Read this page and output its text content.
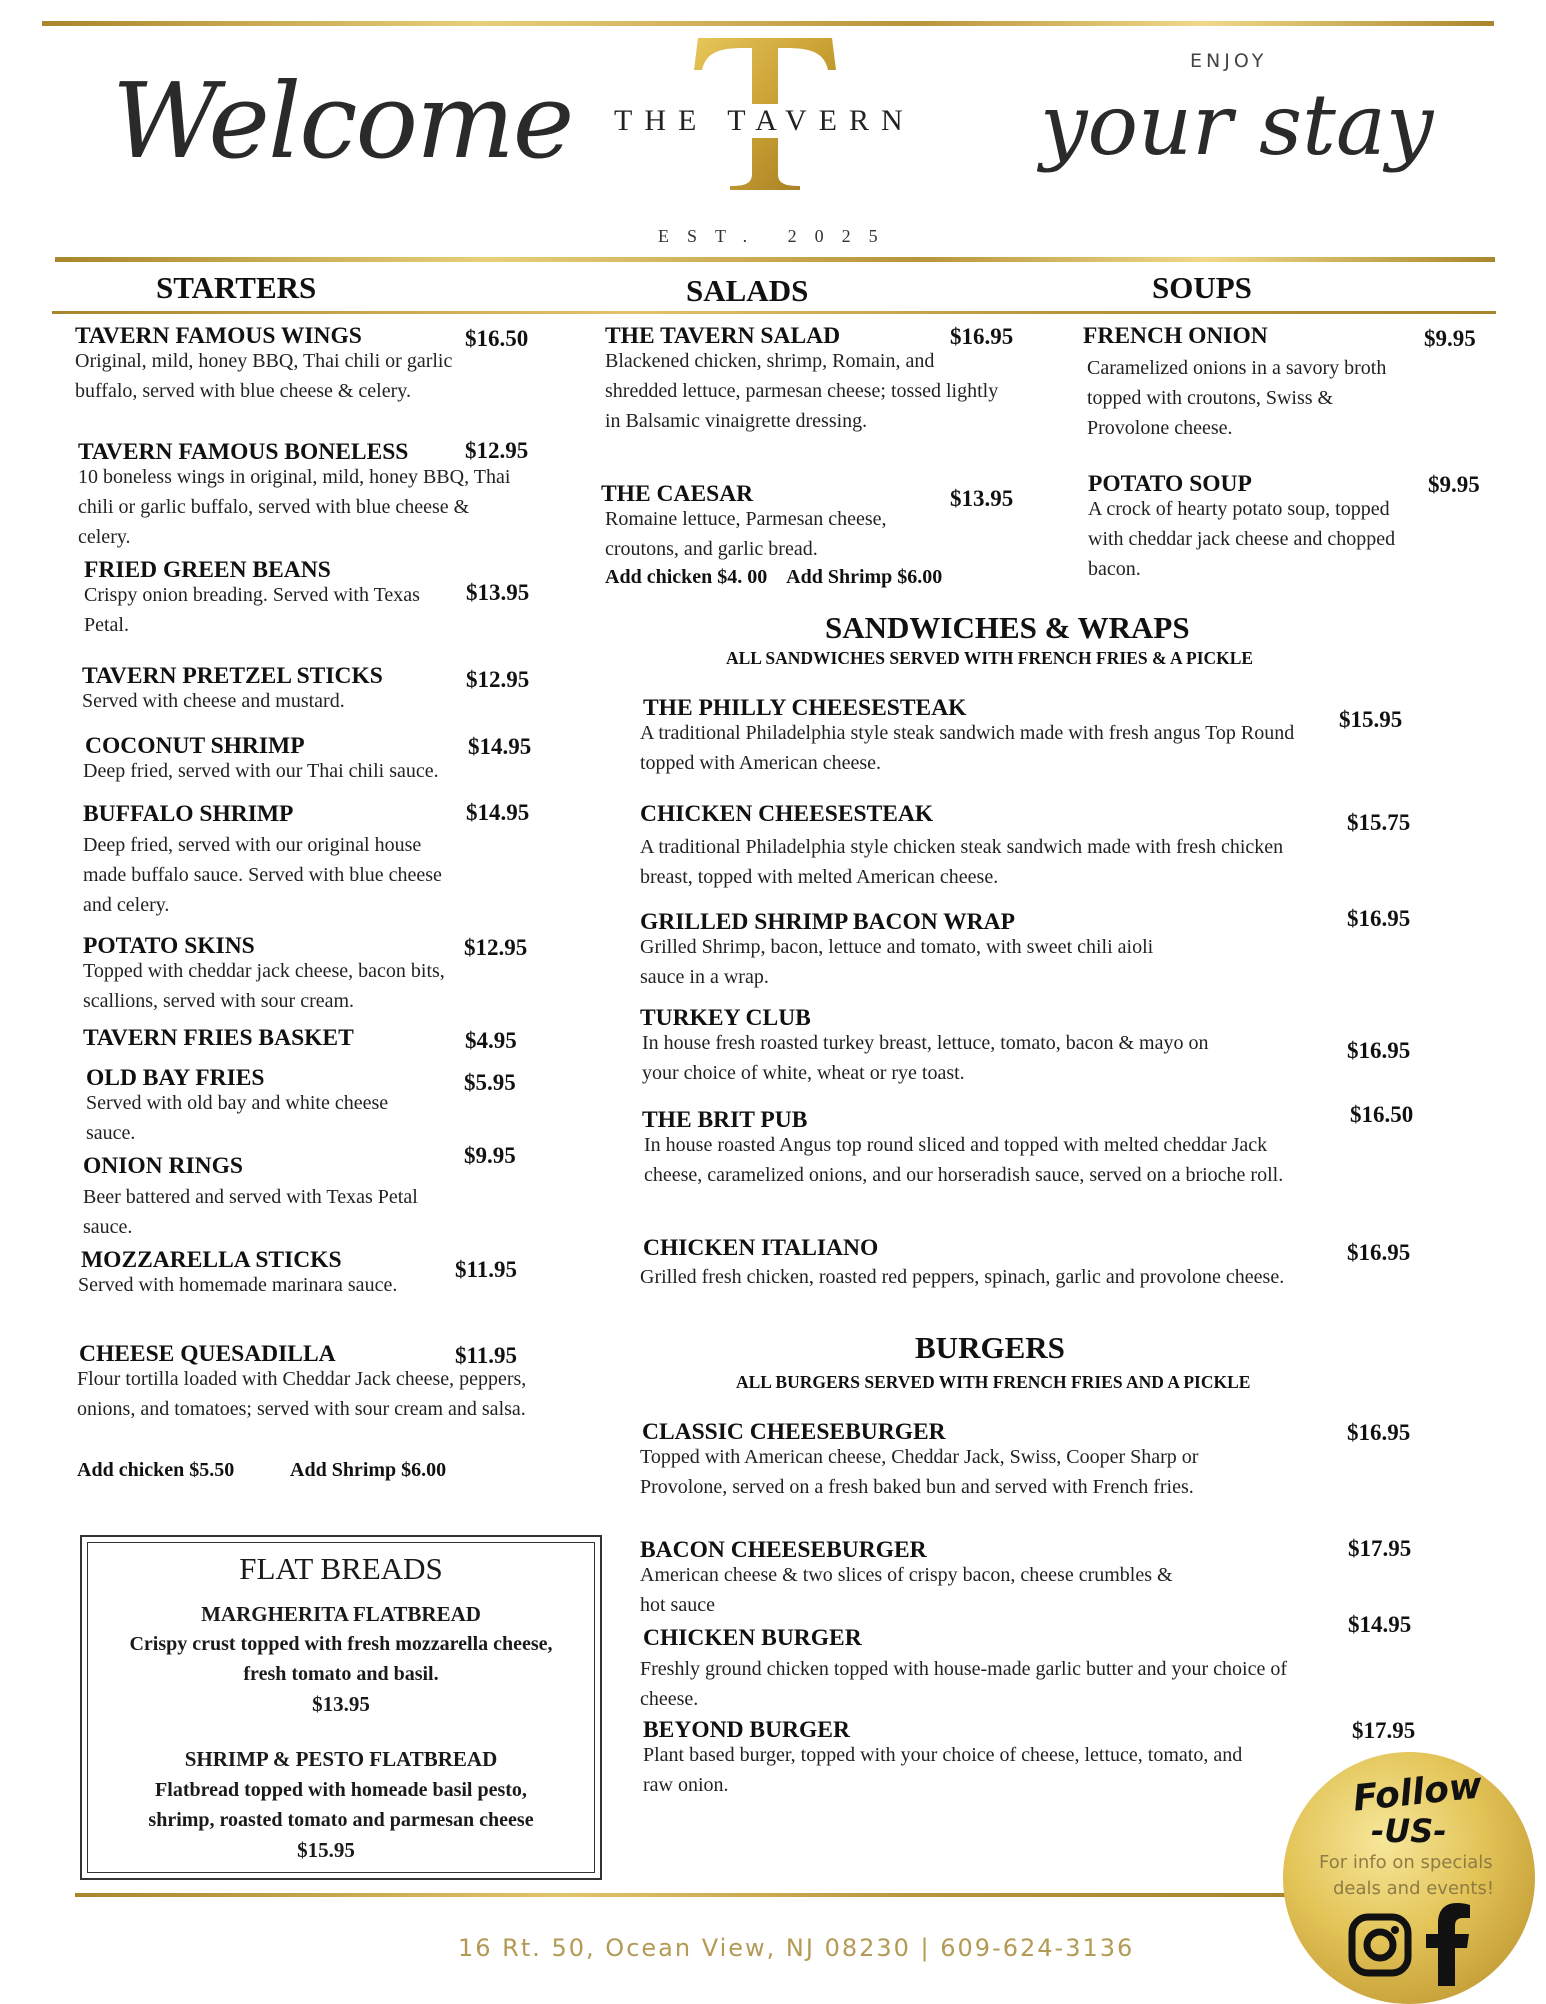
Welcome THE TAVERN
EST. 2025
ENJOY
your stay
STARTERS	SALADS	SOUPS
TAVERN FAMOUS WINGS
Original, mild, honey BBQ, Thai chili or garlic buffalo, served with blue cheese & celery.
$16.50
TAVERN FAMOUS BONELESS
10 boneless wings in original, mild, honey BBQ, Thai chili or garlic buffalo, served with blue cheese & celery.
$12.95
FRIED GREEN BEANS
Crispy onion breading. Served with Texas Petal.
$13.95
TAVERN PRETZEL STICKS
Served with cheese and mustard.
$12.95
COCONUT SHRIMP
Deep fried, served with our Thai chili sauce.
$14.95
BUFFALO SHRIMP
Deep fried, served with our original house made buffalo sauce. Served with blue cheese and celery.
$14.95
POTATO SKINS
Topped with cheddar jack cheese, bacon bits, scallions, served with sour cream.
$12.95
TAVERN FRIES BASKET	$4.95
OLD BAY FRIES
Served with old bay and white cheese sauce.
$5.95
ONION RINGS
Beer battered and served with Texas Petal sauce.
$9.95
MOZZARELLA STICKS
Served with homemade marinara sauce.
$11.95
CHEESE QUESADILLA
Flour tortilla loaded with Cheddar Jack cheese, peppers, onions, and tomatoes; served with sour cream and salsa.
$11.95
Add chicken $5.50	Add Shrimp $6.00
FLAT BREADS
MARGHERITA FLATBREAD
Crispy crust topped with fresh mozzarella cheese,
fresh tomato and basil.
$13.95
SHRIMP & PESTO FLATBREAD
Flatbread topped with homeade basil pesto,
shrimp, roasted tomato and parmesan cheese
$15.95
THE TAVERN SALAD
Blackened chicken, shrimp, Romain, and shredded lettuce, parmesan cheese; tossed lightly in Balsamic vinaigrette dressing.
$16.95
THE CAESAR
Romaine lettuce, Parmesan cheese, croutons, and garlic bread.
$13.95
Add chicken $4. 00    Add Shrimp $6.00
FRENCH ONION
Caramelized onions in a savory broth topped with croutons, Swiss & Provolone cheese.
$9.95
POTATO SOUP
A crock of hearty potato soup, topped with cheddar jack cheese and chopped bacon.
$9.95
SANDWICHES & WRAPS
ALL SANDWICHES SERVED WITH FRENCH FRIES & A PICKLE
THE PHILLY CHEESESTEAK
A traditional Philadelphia style steak sandwich made with fresh angus Top Round topped with American cheese.
$15.95
CHICKEN CHEESESTEAK
A traditional Philadelphia style chicken steak sandwich made with fresh chicken breast, topped with melted American cheese.
$15.75
GRILLED SHRIMP BACON WRAP
Grilled Shrimp, bacon, lettuce and tomato, with sweet chili aioli sauce in a wrap.
$16.95
TURKEY CLUB
In house fresh roasted turkey breast, lettuce, tomato, bacon & mayo on your choice of white, wheat or rye toast.
$16.95
THE BRIT PUB
In house roasted Angus top round sliced and topped with melted cheddar Jack cheese, caramelized onions, and our horseradish sauce, served on a brioche roll.
$16.50
CHICKEN ITALIANO
Grilled fresh chicken, roasted red peppers, spinach, garlic and provolone cheese.
$16.95
BURGERS
ALL BURGERS SERVED WITH FRENCH FRIES AND A PICKLE
CLASSIC CHEESEBURGER
Topped with American cheese, Cheddar Jack, Swiss, Cooper Sharp or Provolone, served on a fresh baked bun and served with French fries.
$16.95
BACON CHEESEBURGER
American cheese & two slices of crispy bacon, cheese crumbles & hot sauce
$17.95
CHICKEN BURGER
Freshly ground chicken topped with house-made garlic butter and your choice of cheese.
$14.95
BEYOND BURGER
Plant based burger, topped with your choice of cheese, lettuce, tomato, and raw onion.
$17.95
16 Rt. 50, Ocean View, NJ 08230 | 609-624-3136
Follow
-US-
For info on specials
deals and events!
